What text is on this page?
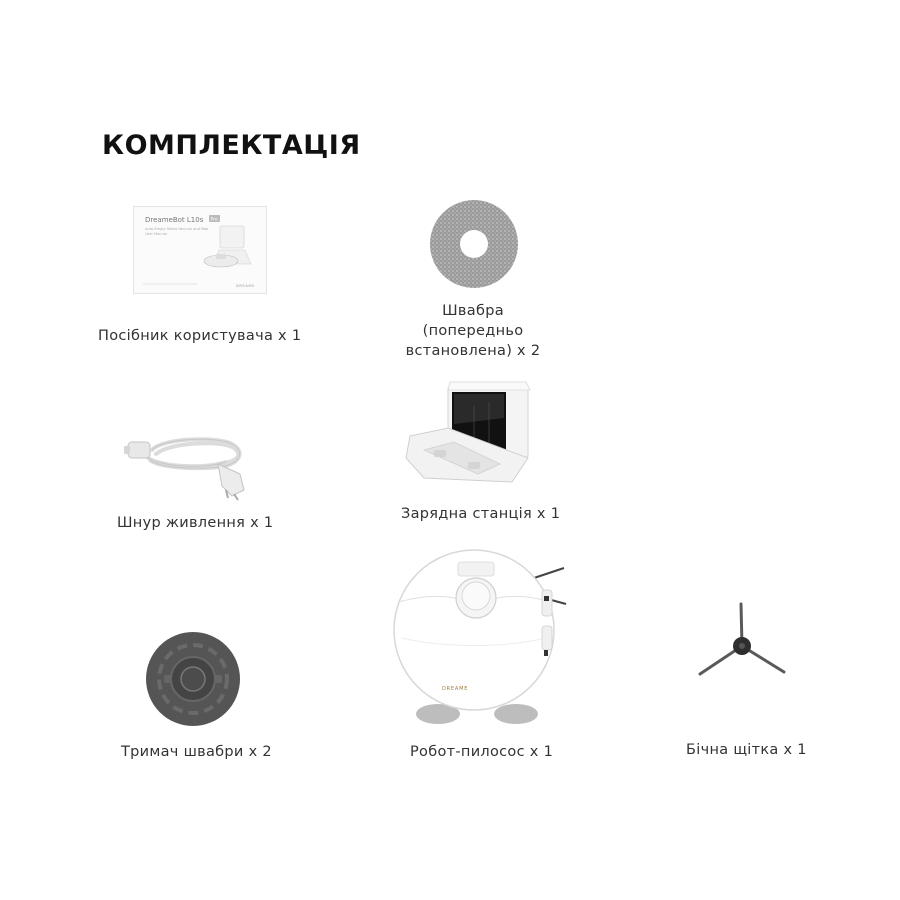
КОМПЛЕКТАЦІЯ
DreameBot L10s Pro
Auto-Empty Robot Vacuum and Mop
User Manual
DREAME
Посібник користувача х 1
Швабра
(попередньо
встановлена) х 2
Шнур живлення х 1
Зарядна станція х 1
Тримач швабри х 2
DREAME
Робот-пилосос х 1	Бічна щітка х 1
